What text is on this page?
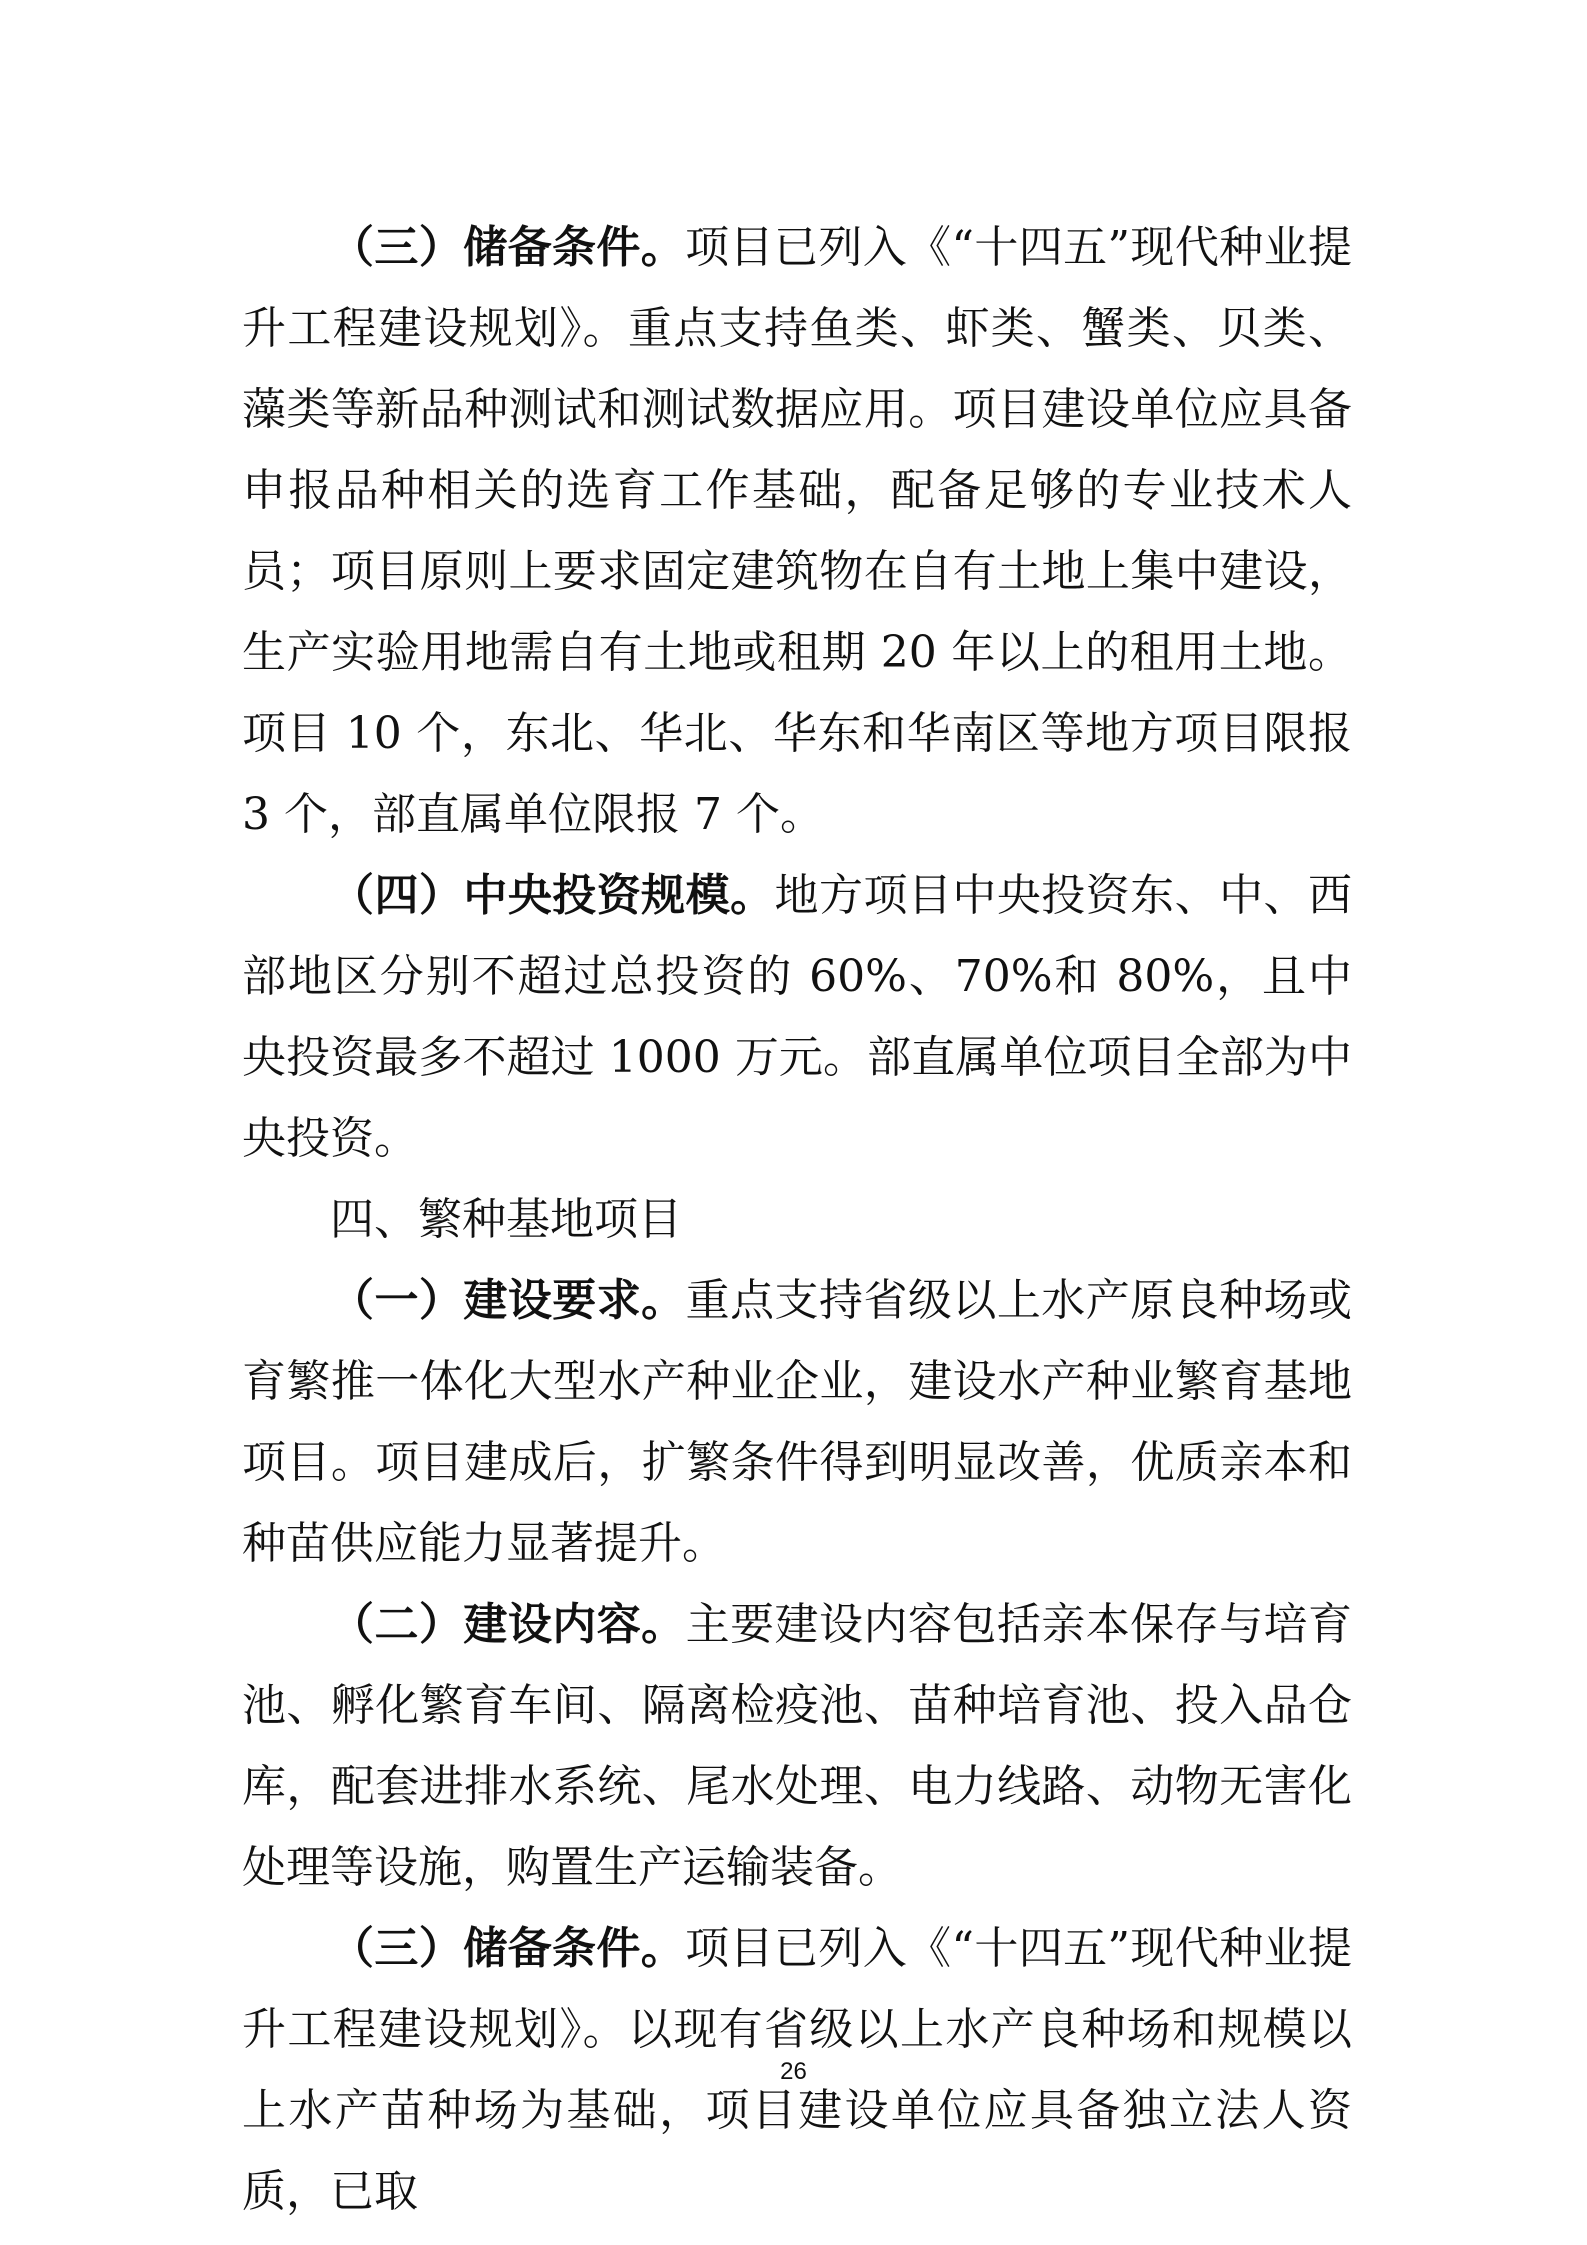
（三）储备条件。项目已列入《“十四五”现代种业提升工程建设规划》。重点支持鱼类、虾类、蟹类、贝类、藻类等新品种测试和测试数据应用。项目建设单位应具备申报品种相关的选育工作基础，配备足够的专业技术人员；项目原则上要求固定建筑物在自有土地上集中建设，生产实验用地需自有土地或租期 20 年以上的租用土地。项目 10 个，东北、华北、华东和华南区等地方项目限报 3 个，部直属单位限报 7 个。

（四）中央投资规模。地方项目中央投资东、中、西部地区分别不超过总投资的 60%、70%和 80%，且中央投资最多不超过 1000 万元。部直属单位项目全部为中央投资。

四、繁种基地项目

（一）建设要求。重点支持省级以上水产原良种场或育繁推一体化大型水产种业企业，建设水产种业繁育基地项目。项目建成后，扩繁条件得到明显改善，优质亲本和种苗供应能力显著提升。

（二）建设内容。主要建设内容包括亲本保存与培育池、孵化繁育车间、隔离检疫池、苗种培育池、投入品仓库，配套进排水系统、尾水处理、电力线路、动物无害化处理等设施，购置生产运输装备。

（三）储备条件。项目已列入《“十四五”现代种业提升工程建设规划》。以现有省级以上水产良种场和规模以上水产苗种场为基础，项目建设单位应具备独立法人资质，已取

26
